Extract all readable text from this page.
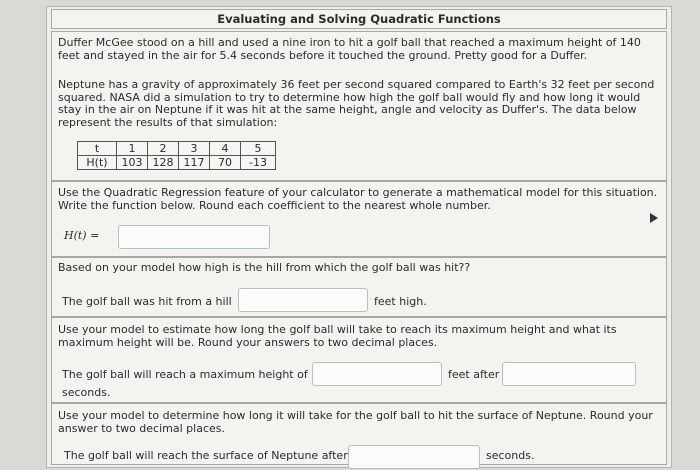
Evaluating and Solving Quadratic Functions

Duffer McGee stood on a hill and used a nine iron to hit a golf ball that reached a maximum height of 140 feet and stayed in the air for 5.4 seconds before it touched the ground. Pretty good for a Duffer.

Neptune has a gravity of approximately 36 feet per second squared compared to Earth's 32 feet per second squared. NASA did a simulation to try to determine how high the golf ball would fly and how long it would stay in the air on Neptune if it was hit at the same height, angle and velocity as Duffer's. The data below represent the results of that simulation:

t	1	2	3	4	5
H(t)	103	128	117	70	-13

Use the Quadratic Regression feature of your calculator to generate a mathematical model for this situation. Write the function below. Round each coefficient to the nearest whole number.

H(t) =

Based on your model how high is the hill from which the golf ball was hit??

The golf ball was hit from a hill	feet high.

Use your model to estimate how long the golf ball will take to reach its maximum height and what its maximum height will be. Round your answers to two decimal places.

The golf ball will reach a maximum height of	feet after
seconds.

Use your model to determine how long it will take for the golf ball to hit the surface of Neptune. Round your answer to two decimal places.

The golf ball will reach the surface of Neptune after	seconds.
